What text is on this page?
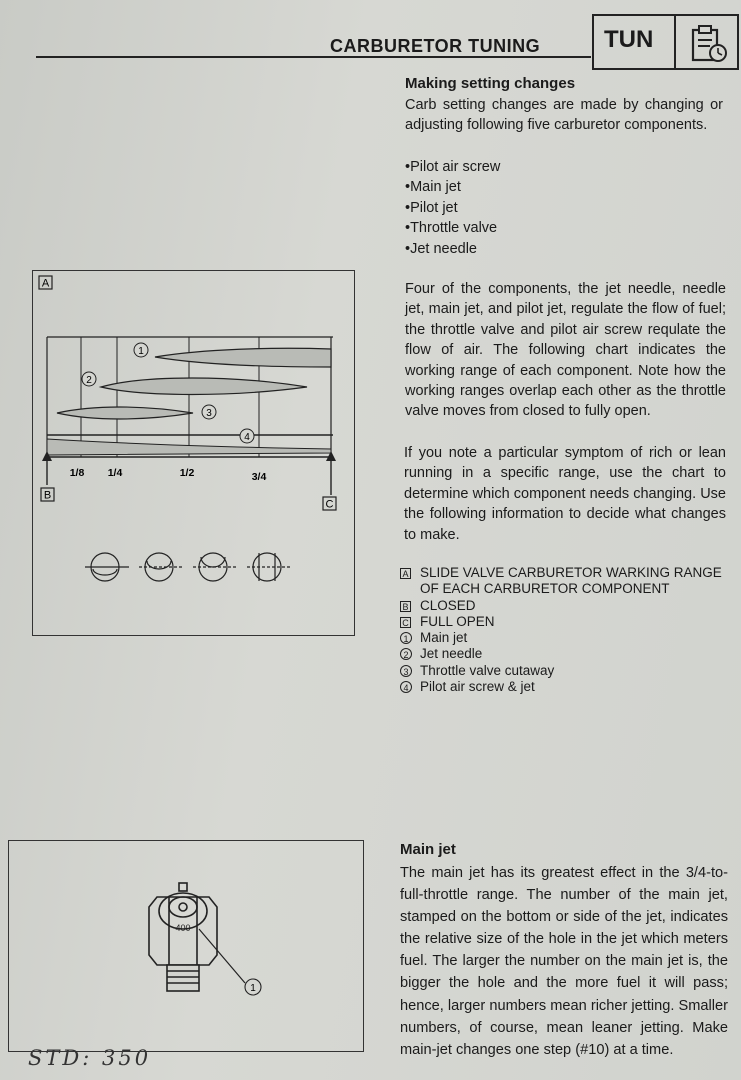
CARBURETOR TUNING	TUN
Making setting changes
Carb setting changes are made by changing or adjusting following five carburetor components.
• Pilot air screw
• Main jet
• Pilot jet
• Throttle valve
• Jet needle
Four of the components, the jet needle, needle jet, main jet, and pilot jet, regulate the flow of fuel; the throttle valve and pilot air screw requlate the flow of air. The following chart indicates the working range of each component. Note how the working ranges overlap each other as the throttle valve moves from closed to fully open.
If you note a particular symptom of rich or lean running in a specific range, use the chart to determine which component needs changing. Use the following information to decide what changes to make.
A
1
2
3
4
1/8 1/4	1/2	3/4
B
C
A SLIDE VALVE CARBURETOR WARKING RANGE OF EACH CARBURETOR COMPONENT
B CLOSED
C FULL OPEN
1 Main jet
2 Jet needle
3 Throttle valve cutaway
4 Pilot air screw & jet
400
1
Main jet
The main jet has its greatest effect in the 3/4-to-full-throttle range. The number of the main jet, stamped on the bottom or side of the jet, indicates the relative size of the hole in the jet which meters fuel. The larger the number on the main jet is, the bigger the hole and the more fuel it will pass; hence, larger numbers mean richer jetting. Smaller numbers, of course, mean leaner jetting. Make main-jet changes one step (#10) at a time.
STD: 350
